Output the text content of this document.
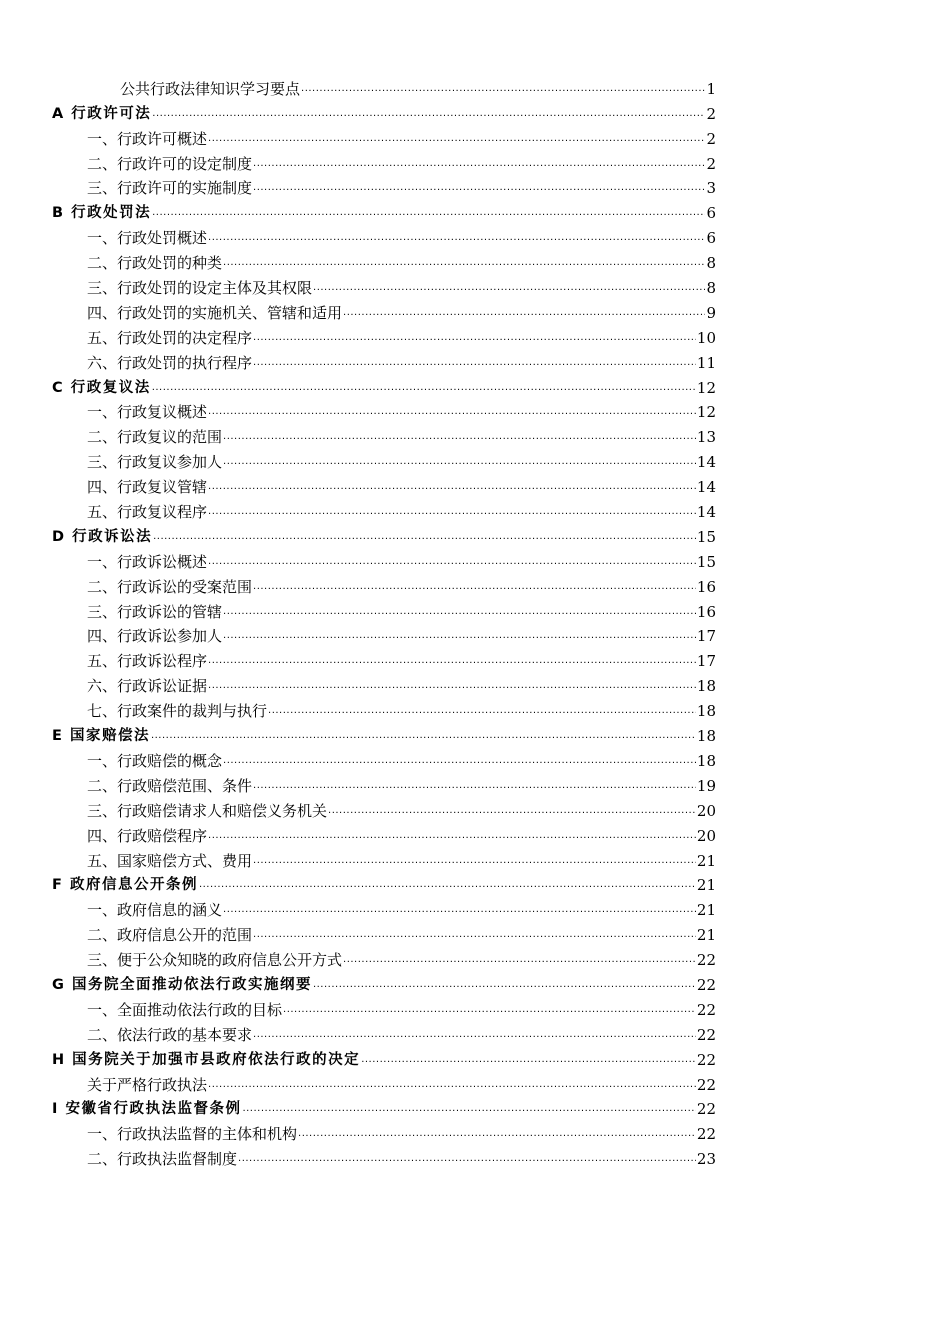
公共行政法律知识学习要点 .....	1
A 行政许可法 .....	2
一、行政许可概述 .....	2
二、行政许可的设定制度 .....	2
三、行政许可的实施制度 .....	3
B 行政处罚法 .....	6
一、行政处罚概述 .....	6
二、行政处罚的种类 .....	8
三、行政处罚的设定主体及其权限 .....	8
四、行政处罚的实施机关、管辖和适用 .....	9
五、行政处罚的决定程序 .....	10
六、行政处罚的执行程序 .....	11
C 行政复议法 .....	12
一、行政复议概述 .....	12
二、行政复议的范围 .....	13
三、行政复议参加人 .....	14
四、行政复议管辖 .....	14
五、行政复议程序 .....	14
D 行政诉讼法 .....	15
一、行政诉讼概述 .....	15
二、行政诉讼的受案范围 .....	16
三、行政诉讼的管辖 .....	16
四、行政诉讼参加人 .....	17
五、行政诉讼程序 .....	17
六、行政诉讼证据 .....	18
七、行政案件的裁判与执行 .....	18
E 国家赔偿法 .....	18
一、行政赔偿的概念 .....	18
二、行政赔偿范围、条件 .....	19
三、行政赔偿请求人和赔偿义务机关 .....	20
四、行政赔偿程序 .....	20
五、国家赔偿方式、费用 .....	21
F 政府信息公开条例 .....	21
一、政府信息的涵义 .....	21
二、政府信息公开的范围 .....	21
三、便于公众知晓的政府信息公开方式 .....	22
G 国务院全面推动依法行政实施纲要 .....	22
一、全面推动依法行政的目标 .....	22
二、依法行政的基本要求 .....	22
H 国务院关于加强市县政府依法行政的决定 .....	22
关于严格行政执法 .....	22
I 安徽省行政执法监督条例 .....	22
一、行政执法监督的主体和机构 .....	22
二、行政执法监督制度 .....	23
